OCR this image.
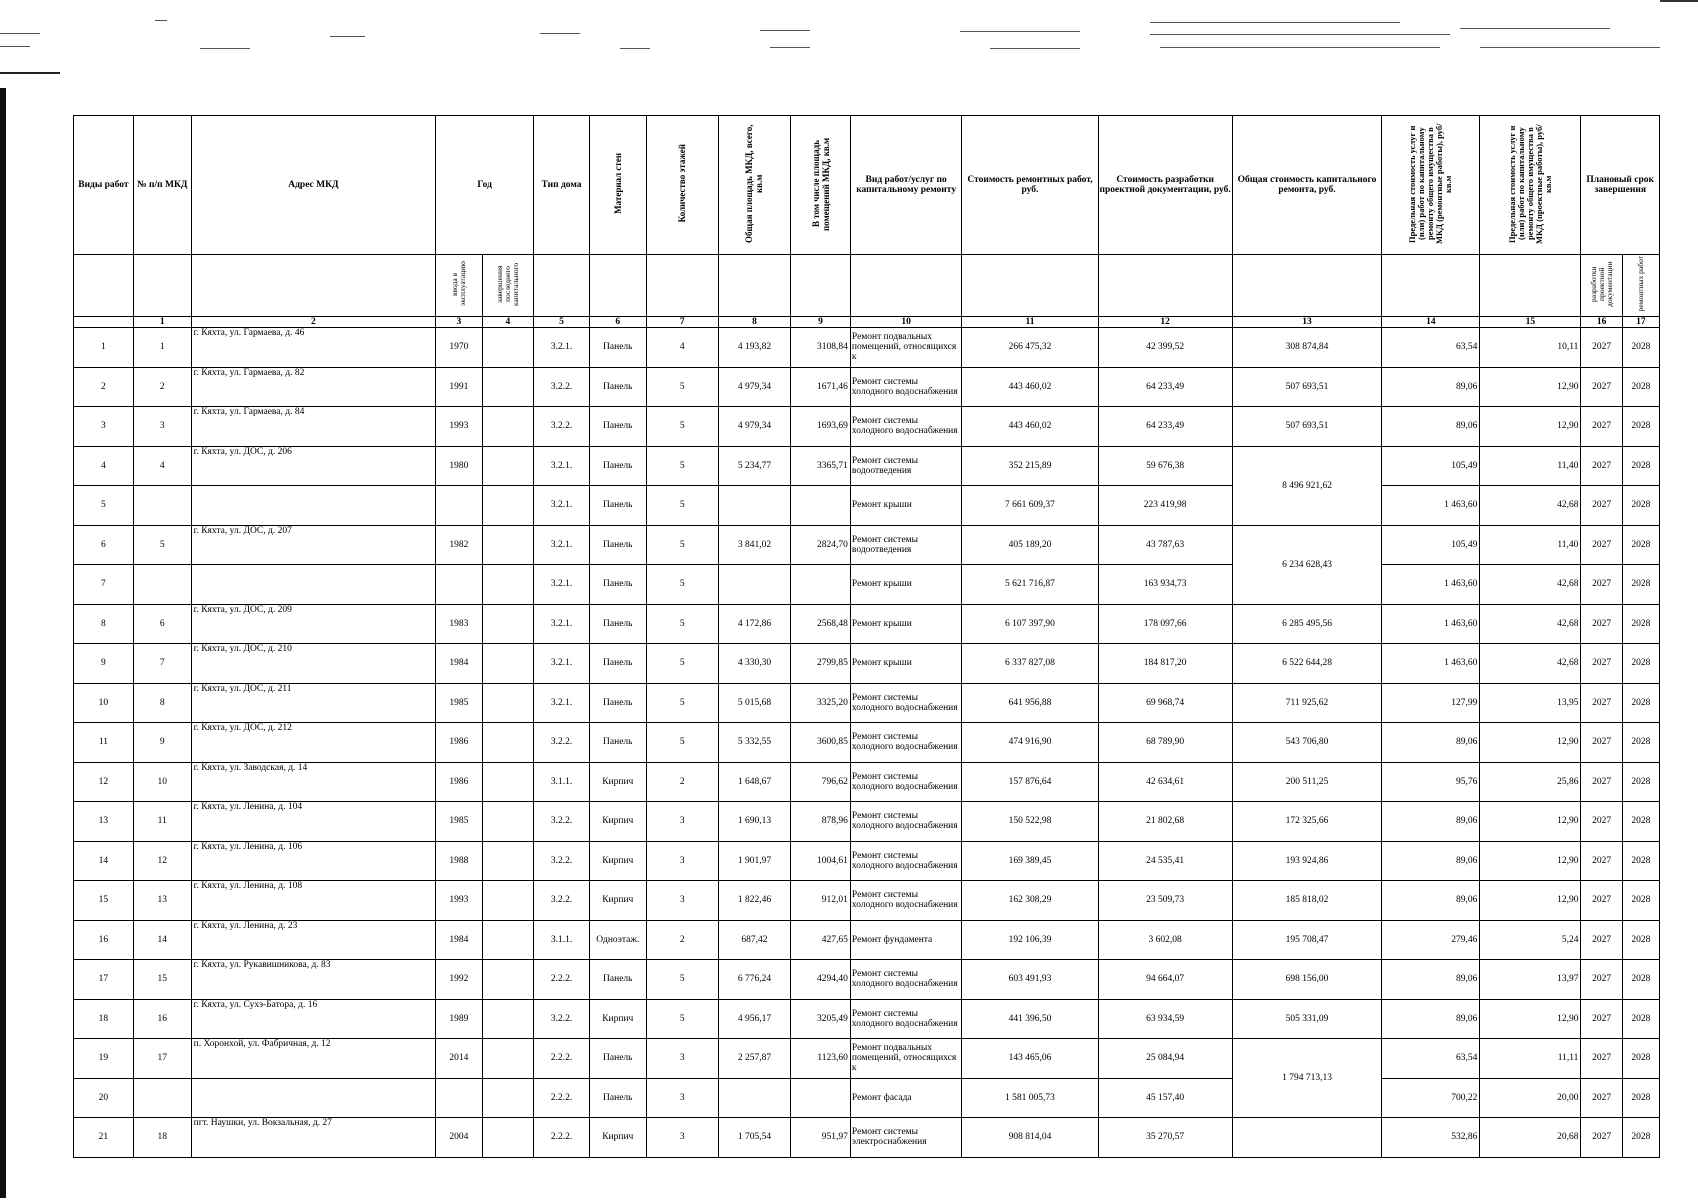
Виды работ	№ п/п МКД	Адрес МКД	Год		Тип дома	Материал стен	Количество этажей	Общая площадь МКД, всего, кв.м	В том числе площадь помещений МКД, кв.м	Вид работ/услуг по капитальному ремонту	Стоимость ремонтных работ, руб.	Стоимость разработки проектной документации, руб.	Общая стоимость капитального ремонта, руб.	Предельная стоимость услуг и (или) работ по капитальному ремонту общего имущества в МКД (ремонтные работы), руб/кв.м	Предельная стоимость услуг и (или) работ по капитальному ремонту общего имущества в МКД (проектные работы), руб/кв.м	Плановый срок завершения	
			ввода в эксплуатацию	завершения последнего капитального												разработки проектной документации	ремонтных работ
	1	2	3	4	5	6	7	8	9	10	11	12	13	14	15	16	17
1	1	г. Кяхта, ул. Гармаева, д. 46	1970		3.2.1.	Панель	4	4 193,82	3108,84	Ремонт подвальных помещений, относящихся к	266 475,32	42 399,52	308 874,84	63,54	10,11	2027	2028
2	2	г. Кяхта, ул. Гармаева, д. 82	1991		3.2.2.	Панель	5	4 979,34	1671,46	Ремонт системы холодного водоснабжения	443 460,02	64 233,49	507 693,51	89,06	12,90	2027	2028
3	3	г. Кяхта, ул. Гармаева, д. 84	1993		3.2.2.	Панель	5	4 979,34	1693,69	Ремонт системы холодного водоснабжения	443 460,02	64 233,49	507 693,51	89,06	12,90	2027	2028
4	4	г. Кяхта, ул. ДОС, д. 206	1980		3.2.1.	Панель	5	5 234,77	3365,71	Ремонт системы водоотведения	352 215,89	59 676,38	8 496 921,62	105,49	11,40	2027	2028
5					3.2.1.	Панель	5			Ремонт крыши	7 661 609,37	223 419,98		1 463,60	42,68	2027	2028
6	5	г. Кяхта, ул. ДОС, д. 207	1982		3.2.1.	Панель	5	3 841,02	2824,70	Ремонт системы водоотведения	405 189,20	43 787,63	6 234 628,43	105,49	11,40	2027	2028
7					3.2.1.	Панель	5			Ремонт крыши	5 621 716,87	163 934,73		1 463,60	42,68	2027	2028
8	6	г. Кяхта, ул. ДОС, д. 209	1983		3.2.1.	Панель	5	4 172,86	2568,48	Ремонт крыши	6 107 397,90	178 097,66	6 285 495,56	1 463,60	42,68	2027	2028
9	7	г. Кяхта, ул. ДОС, д. 210	1984		3.2.1.	Панель	5	4 330,30	2799,85	Ремонт крыши	6 337 827,08	184 817,20	6 522 644,28	1 463,60	42,68	2027	2028
10	8	г. Кяхта, ул. ДОС, д. 211	1985		3.2.1.	Панель	5	5 015,68	3325,20	Ремонт системы холодного водоснабжения	641 956,88	69 968,74	711 925,62	127,99	13,95	2027	2028
11	9	г. Кяхта, ул. ДОС, д. 212	1986		3.2.2.	Панель	5	5 332,55	3600,85	Ремонт системы холодного водоснабжения	474 916,90	68 789,90	543 706,80	89,06	12,90	2027	2028
12	10	г. Кяхта, ул. Заводская, д. 14	1986		3.1.1.	Кирпич	2	1 648,67	796,62	Ремонт системы холодного водоснабжения	157 876,64	42 634,61	200 511,25	95,76	25,86	2027	2028
13	11	г. Кяхта, ул. Ленина, д. 104	1985		3.2.2.	Кирпич	3	1 690,13	878,96	Ремонт системы холодного водоснабжения	150 522,98	21 802,68	172 325,66	89,06	12,90	2027	2028
14	12	г. Кяхта, ул. Ленина, д. 106	1988		3.2.2.	Кирпич	3	1 901,97	1004,61	Ремонт системы холодного водоснабжения	169 389,45	24 535,41	193 924,86	89,06	12,90	2027	2028
15	13	г. Кяхта, ул. Ленина, д. 108	1993		3.2.2.	Кирпич	3	1 822,46	912,01	Ремонт системы холодного водоснабжения	162 308,29	23 509,73	185 818,02	89,06	12,90	2027	2028
16	14	г. Кяхта, ул. Ленина, д. 23	1984		3.1.1.	Одноэтаж.	2	687,42	427,65	Ремонт фундамента	192 106,39	3 602,08	195 708,47	279,46	5,24	2027	2028
17	15	г. Кяхта, ул. Рукавишникова, д. 83	1992		2.2.2.	Панель	5	6 776,24	4294,40	Ремонт системы холодного водоснабжения	603 491,93	94 664,07	698 156,00	89,06	13,97	2027	2028
18	16	г. Кяхта, ул. Сухэ-Батора, д. 16	1989		3.2.2.	Кирпич	5	4 956,17	3205,49	Ремонт системы холодного водоснабжения	441 396,50	63 934,59	505 331,09	89,06	12,90	2027	2028
19	17	п. Хоронхой, ул. Фабричная, д. 12	2014		2.2.2.	Панель	3	2 257,87	1123,60	Ремонт подвальных помещений, относящихся к	143 465,06	25 084,94	1 794 713,13	63,54	11,11	2027	2028
20					2.2.2.	Панель	3			Ремонт фасада	1 581 005,73	45 157,40		700,22	20,00	2027	2028
21	18	пгт. Наушки, ул. Вокзальная, д. 27	2004		2.2.2.	Кирпич	3	1 705,54	951,97	Ремонт системы электроснабжения	908 814,04	35 270,57		532,86	20,68	2027	2028
